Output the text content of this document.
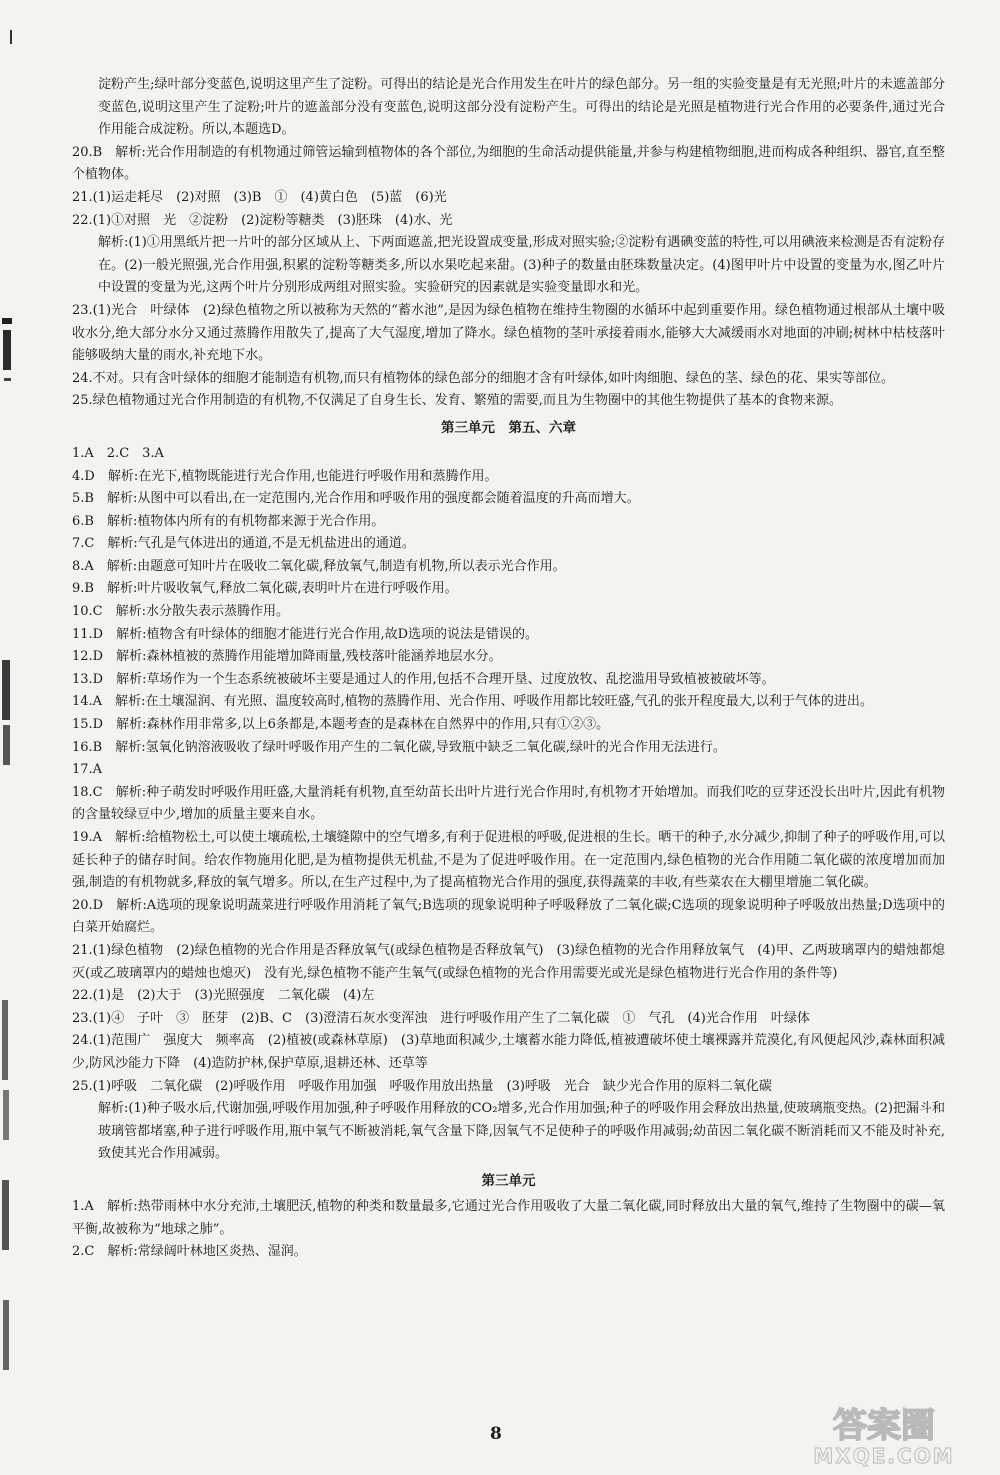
淀粉产生;绿叶部分变蓝色,说明这里产生了淀粉。可得出的结论是光合作用发生在叶片的绿色部分。另一组的实验变量是有无光照;叶片的未遮盖部分变蓝色,说明这里产生了淀粉;叶片的遮盖部分没有变蓝色,说明这部分没有淀粉产生。可得出的结论是光照是植物进行光合作用的必要条件,通过光合作用能合成淀粉。所以,本题选D。

20.B　解析:光合作用制造的有机物通过筛管运输到植物体的各个部位,为细胞的生命活动提供能量,并参与构建植物细胞,进而构成各种组织、器官,直至整个植物体。

21.(1)运走耗尽　(2)对照　(3)B　①　(4)黄白色　(5)蓝　(6)光

22.(1)①对照　光　②淀粉　(2)淀粉等糖类　(3)胚珠　(4)水、光

解析:(1)①用黑纸片把一片叶的部分区域从上、下两面遮盖,把光设置成变量,形成对照实验;②淀粉有遇碘变蓝的特性,可以用碘液来检测是否有淀粉存在。(2)一般光照强,光合作用强,积累的淀粉等糖类多,所以水果吃起来甜。(3)种子的数量由胚珠数量决定。(4)图甲叶片中设置的变量为水,图乙叶片中设置的变量为光,这两个叶片分别形成两组对照实验。实验研究的因素就是实验变量即水和光。

23.(1)光合　叶绿体　(2)绿色植物之所以被称为天然的“蓄水池”,是因为绿色植物在维持生物圈的水循环中起到重要作用。绿色植物通过根部从土壤中吸收水分,绝大部分水分又通过蒸腾作用散失了,提高了大气湿度,增加了降水。绿色植物的茎叶承接着雨水,能够大大减缓雨水对地面的冲刷;树林中枯枝落叶能够吸纳大量的雨水,补充地下水。

24.不对。只有含叶绿体的细胞才能制造有机物,而只有植物体的绿色部分的细胞才含有叶绿体,如叶肉细胞、绿色的茎、绿色的花、果实等部位。

25.绿色植物通过光合作用制造的有机物,不仅满足了自身生长、发育、繁殖的需要,而且为生物圈中的其他生物提供了基本的食物来源。

第三单元　第五、六章

1.A　2.C　3.A

4.D　解析:在光下,植物既能进行光合作用,也能进行呼吸作用和蒸腾作用。

5.B　解析:从图中可以看出,在一定范围内,光合作用和呼吸作用的强度都会随着温度的升高而增大。

6.B　解析:植物体内所有的有机物都来源于光合作用。

7.C　解析:气孔是气体进出的通道,不是无机盐进出的通道。

8.A　解析:由题意可知叶片在吸收二氧化碳,释放氧气,制造有机物,所以表示光合作用。

9.B　解析:叶片吸收氧气,释放二氧化碳,表明叶片在进行呼吸作用。

10.C　解析:水分散失表示蒸腾作用。

11.D　解析:植物含有叶绿体的细胞才能进行光合作用,故D选项的说法是错误的。

12.D　解析:森林植被的蒸腾作用能增加降雨量,残枝落叶能涵养地层水分。

13.D　解析:草场作为一个生态系统被破坏主要是通过人的作用,包括不合理开垦、过度放牧、乱挖滥用导致植被被破坏等。

14.A　解析:在土壤湿润、有光照、温度较高时,植物的蒸腾作用、光合作用、呼吸作用都比较旺盛,气孔的张开程度最大,以利于气体的进出。

15.D　解析:森林作用非常多,以上6条都是,本题考查的是森林在自然界中的作用,只有①②③。

16.B　解析:氢氧化钠溶液吸收了绿叶呼吸作用产生的二氧化碳,导致瓶中缺乏二氧化碳,绿叶的光合作用无法进行。

17.A

18.C　解析:种子萌发时呼吸作用旺盛,大量消耗有机物,直至幼苗长出叶片进行光合作用时,有机物才开始增加。而我们吃的豆芽还没长出叶片,因此有机物的含量较绿豆中少,增加的质量主要来自水。

19.A　解析:给植物松土,可以使土壤疏松,土壤缝隙中的空气增多,有利于促进根的呼吸,促进根的生长。晒干的种子,水分减少,抑制了种子的呼吸作用,可以延长种子的储存时间。给农作物施用化肥,是为植物提供无机盐,不是为了促进呼吸作用。在一定范围内,绿色植物的光合作用随二氧化碳的浓度增加而加强,制造的有机物就多,释放的氧气增多。所以,在生产过程中,为了提高植物光合作用的强度,获得蔬菜的丰收,有些菜农在大棚里增施二氧化碳。

20.D　解析:A选项的现象说明蔬菜进行呼吸作用消耗了氧气;B选项的现象说明种子呼吸释放了二氧化碳;C选项的现象说明种子呼吸放出热量;D选项中的白菜开始腐烂。

21.(1)绿色植物　(2)绿色植物的光合作用是否释放氧气(或绿色植物是否释放氧气)　(3)绿色植物的光合作用释放氧气　(4)甲、乙两玻璃罩内的蜡烛都熄灭(或乙玻璃罩内的蜡烛也熄灭)　没有光,绿色植物不能产生氧气(或绿色植物的光合作用需要光或光是绿色植物进行光合作用的条件等)

22.(1)是　(2)大于　(3)光照强度　二氧化碳　(4)左

23.(1)④　子叶　③　胚芽　(2)B、C　(3)澄清石灰水变浑浊　进行呼吸作用产生了二氧化碳　①　气孔　(4)光合作用　叶绿体

24.(1)范围广　强度大　频率高　(2)植被(或森林草原)　(3)草地面积减少,土壤蓄水能力降低,植被遭破坏使土壤裸露并荒漠化,有风便起风沙,森林面积减少,防风沙能力下降　(4)造防护林,保护草原,退耕还林、还草等

25.(1)呼吸　二氧化碳　(2)呼吸作用　呼吸作用加强　呼吸作用放出热量　(3)呼吸　光合　缺少光合作用的原料二氧化碳

解析:(1)种子吸水后,代谢加强,呼吸作用加强,种子呼吸作用释放的CO₂增多,光合作用加强;种子的呼吸作用会释放出热量,使玻璃瓶变热。(2)把漏斗和玻璃管都堵塞,种子进行呼吸作用,瓶中氧气不断被消耗,氧气含量下降,因氧气不足使种子的呼吸作用减弱;幼苗因二氧化碳不断消耗而又不能及时补充,致使其光合作用减弱。

第三单元

1.A　解析:热带雨林中水分充沛,土壤肥沃,植物的种类和数量最多,它通过光合作用吸收了大量二氧化碳,同时释放出大量的氧气,维持了生物圈中的碳—氧平衡,故被称为“地球之肺”。

2.C　解析:常绿阔叶林地区炎热、湿润。

8	答案圈
MXQE.COM
